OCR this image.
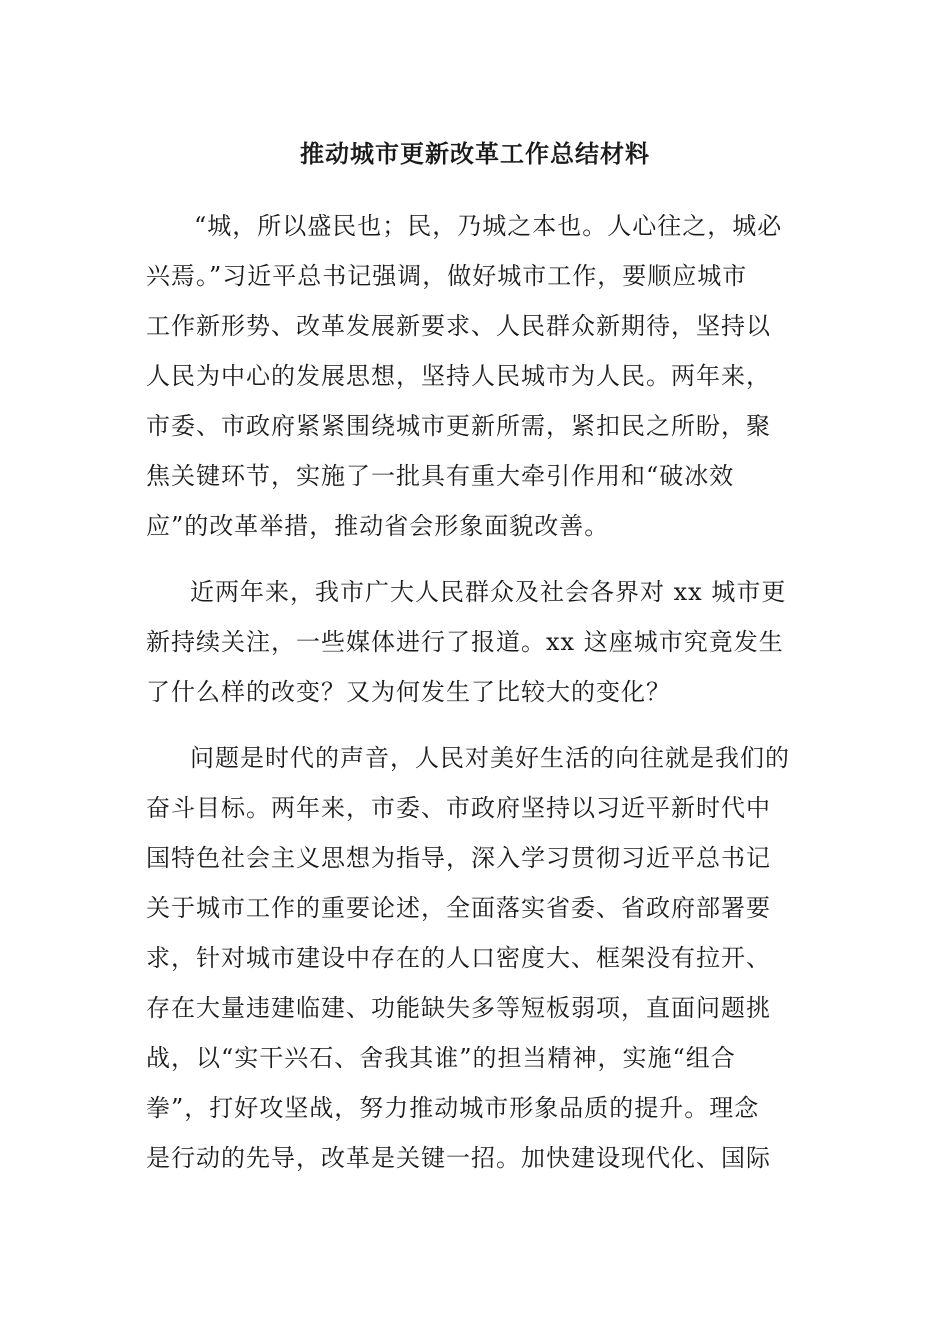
推动城市更新改革工作总结材料

“城，所以盛民也；民，乃城之本也。人心往之，城必

兴焉。”习近平总书记强调，做好城市工作，要顺应城市

工作新形势、改革发展新要求、人民群众新期待，坚持以

人民为中心的发展思想，坚持人民城市为人民。两年来，

市委、市政府紧紧围绕城市更新所需，紧扣民之所盼，聚

焦关键环节，实施了一批具有重大牵引作用和“破冰效

应”的改革举措，推动省会形象面貌改善。

近两年来，我市广大人民群众及社会各界对 xx 城市更

新持续关注，一些媒体进行了报道。xx 这座城市究竟发生

了什么样的改变？又为何发生了比较大的变化？

问题是时代的声音，人民对美好生活的向往就是我们的

奋斗目标。两年来，市委、市政府坚持以习近平新时代中

国特色社会主义思想为指导，深入学习贯彻习近平总书记

关于城市工作的重要论述，全面落实省委、省政府部署要

求，针对城市建设中存在的人口密度大、框架没有拉开、

存在大量违建临建、功能缺失多等短板弱项，直面问题挑

战，以“实干兴石、舍我其谁”的担当精神，实施“组合

拳”，打好攻坚战，努力推动城市形象品质的提升。理念

是行动的先导，改革是关键一招。加快建设现代化、国际
